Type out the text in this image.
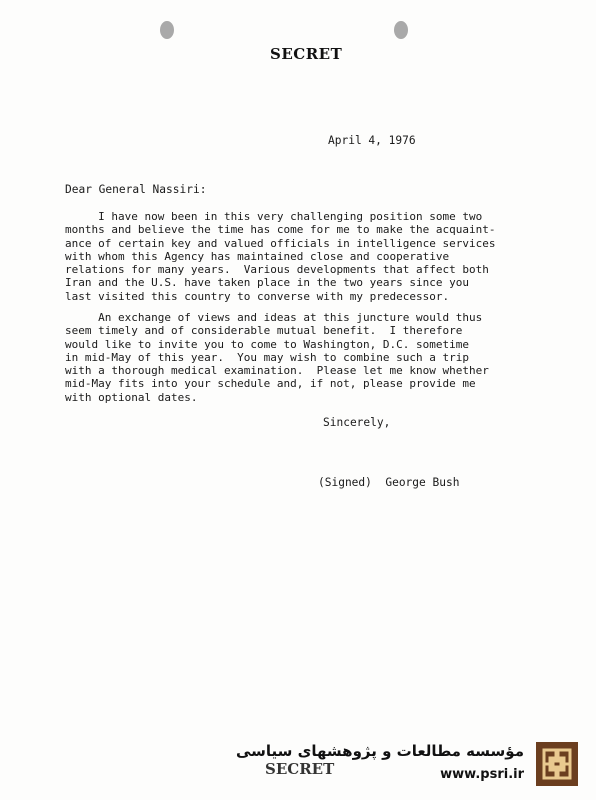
SECRET
April 4, 1976
Dear General Nassiri:
I have now been in this very challenging position some two
months and believe the time has come for me to make the acquaint-
ance of certain key and valued officials in intelligence services
with whom this Agency has maintained close and cooperative
relations for many years.  Various developments that affect both
Iran and the U.S. have taken place in the two years since you
last visited this country to converse with my predecessor.
An exchange of views and ideas at this juncture would thus
seem timely and of considerable mutual benefit.  I therefore
would like to invite you to come to Washington, D.C. sometime
in mid-May of this year.  You may wish to combine such a trip
with a thorough medical examination.  Please let me know whether
mid-May fits into your schedule and, if not, please provide me
with optional dates.
Sincerely,
(Signed)  George Bush
SECRET
مؤسسه مطالعات و پژوهشهای سیاسی
www.psri.ir
